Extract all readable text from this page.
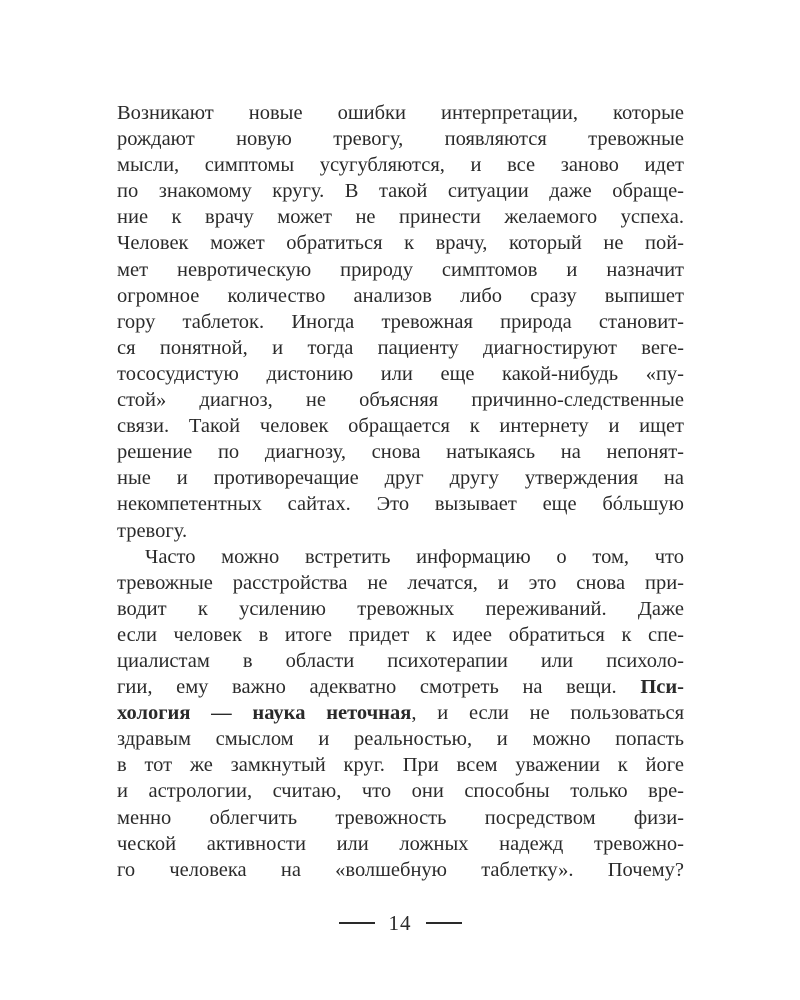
Возникают новые ошибки интерпретации, которые
рождают новую тревогу, появляются тревожные
мысли, симптомы усугубляются, и все заново идет
по знакомому кругу. В такой ситуации даже обраще-
ние к врачу может не принести желаемого успеха.
Человек может обратиться к врачу, который не пой-
мет невротическую природу симптомов и назначит
огромное количество анализов либо сразу выпишет
гору таблеток. Иногда тревожная природа становит-
ся понятной, и тогда пациенту диагностируют веге-
тососудистую дистонию или еще какой-нибудь «пу-
стой» диагноз, не объясняя причинно-следственные
связи. Такой человек обращается к интернету и ищет
решение по диагнозу, снова натыкаясь на непонят-
ные и противоречащие друг другу утверждения на
некомпетентных сайтах. Это вызывает еще бóльшую
тревогу.
Часто можно встретить информацию о том, что
тревожные расстройства не лечатся, и это снова при-
водит к усилению тревожных переживаний. Даже
если человек в итоге придет к идее обратиться к спе-
циалистам в области психотерапии или психоло-
гии, ему важно адекватно смотреть на вещи. Пси-
хология — наука неточная, и если не пользоваться
здравым смыслом и реальностью, и можно попасть
в тот же замкнутый круг. При всем уважении к йоге
и астрологии, считаю, что они способны только вре-
менно облегчить тревожность посредством физи-
ческой активности или ложных надежд тревожно-
го человека на «волшебную таблетку». Почему?
14
